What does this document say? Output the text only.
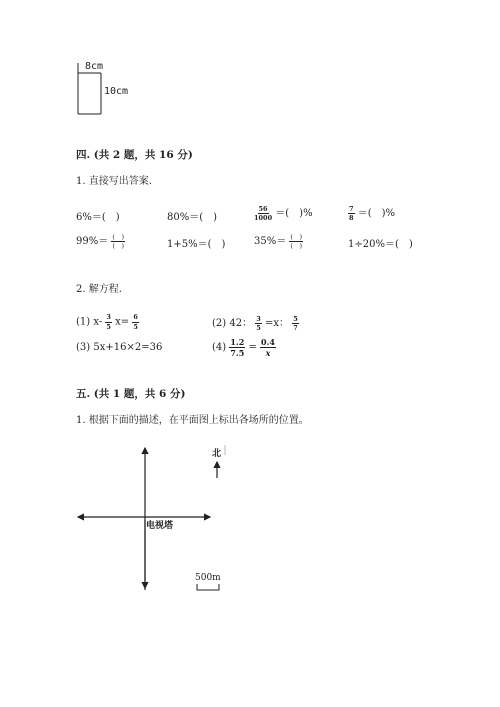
8cm
10cm
四. (共 2 题，共 16 分)
1. 直接写出答案.
6%＝(　)	80%＝(　)	$\frac{56}{1000}$ ＝(　)%	$\frac{7}{8}$ ＝(　)%
$99\%= \frac{( )}{( )}$	1+5%＝(　)	$35\%= \frac{( )}{( )}$	1÷20%＝(　)
2. 解方程.
(1) $x- \frac{3}{5} x= \frac{6}{5}$	(2) 42： $\frac{3}{5} =x$： $\frac{5}{7}$
(3) 5x+16×2=36	$(4) \frac{1.2}{7.5} = \frac{0.4}{x}$
五. (共 1 题，共 6 分)
1. 根据下面的描述，在平面图上标出各场所的位置。
北
电视塔
500m
